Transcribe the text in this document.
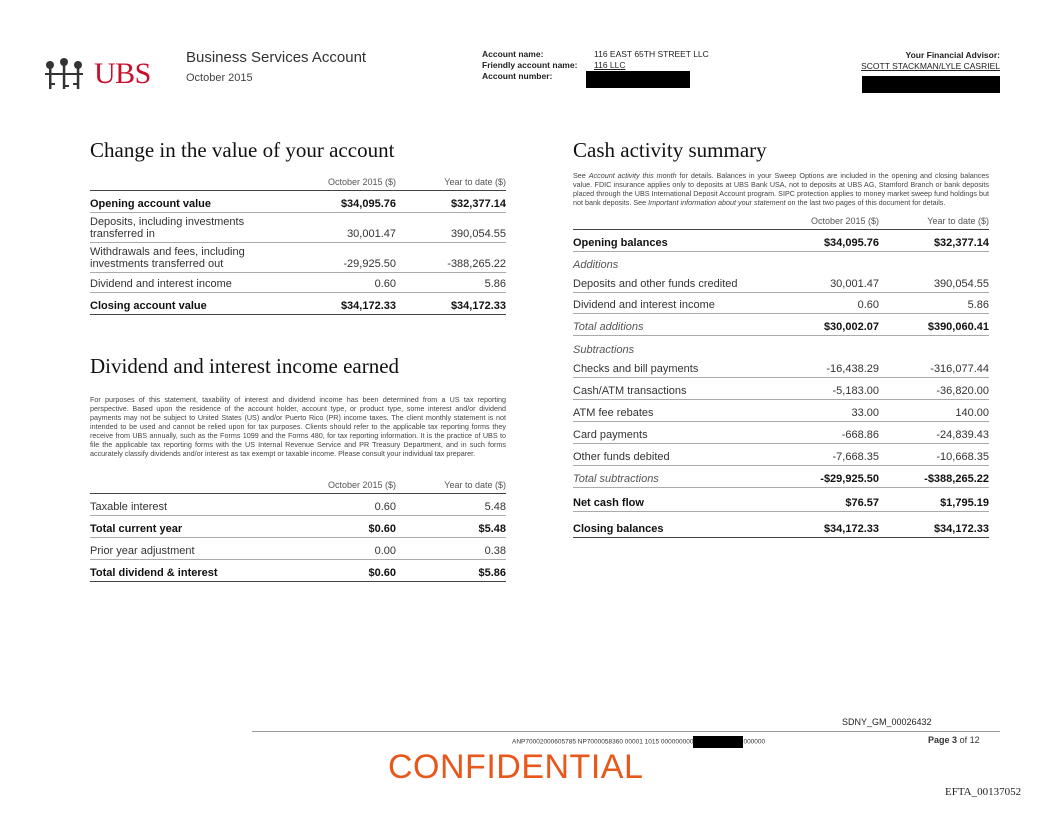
UBS Business Services Account
October 2015
Account name:	116 EAST 65TH STREET LLC
Friendly account name: 116 LLC
Account number:
Your Financial Advisor:
SCOTT STACKMAN/LYLE CASRIEL
Change in the value of your account
	October 2015 ($)	Year to date ($)
Opening account value	$34,095.76	$32,377.14
Deposits, including investments transferred in	30,001.47	390,054.55
Withdrawals and fees, including investments transferred out	-29,925.50	-388,265.22
Dividend and interest income	0.60	5.86
Closing account value	$34,172.33	$34,172.33
Dividend and interest income earned

For purposes of this statement, taxability of interest and dividend income has been determined from a US tax reporting perspective. Based upon the residence of the account holder, account type, or product type, some interest and/or dividend payments may not be subject to United States (US) and/or Puerto Rico (PR) income taxes. The client monthly statement is not intended to be used and cannot be relied upon for tax purposes. Clients should refer to the applicable tax reporting forms they receive from UBS annually, such as the Forms 1099 and the Forms 480, for tax reporting information. It is the practice of UBS to file the applicable tax reporting forms with the US Internal Revenue Service and PR Treasury Department, and in such forms accurately classify dividends and/or interest as tax exempt or taxable income. Please consult your individual tax preparer.

	October 2015 ($)	Year to date ($)
Taxable interest	0.60	5.48
Total current year	$0.60	$5.48
Prior year adjustment	0.00	0.38
Total dividend & interest	$0.60	$5.86
Cash activity summary

See Account activity this month for details. Balances in your Sweep Options are included in the opening and closing balances value. FDIC insurance applies only to deposits at UBS Bank USA, not to deposits at UBS AG, Stamford Branch or bank deposits placed through the UBS International Deposit Account program. SIPC protection applies to money market sweep fund holdings but not bank deposits. See Important information about your statement on the last two pages of this document for details.

	October 2015 ($)	Year to date ($)
Opening balances	$34,095.76	$32,377.14
Additions		
Deposits and other funds credited	30,001.47	390,054.55
Dividend and interest income	0.60	5.86
Total additions	$30,002.07	$390,060.41
Subtractions		
Checks and bill payments	-16,438.29	-316,077.44
Cash/ATM transactions	-5,183.00	-36,820.00
ATM fee rebates	33.00	140.00
Card payments	-668.86	-24,839.43
Other funds debited	-7,668.35	-10,668.35
Total subtractions	-$29,925.50	-$388,265.22
Net cash flow	$76.57	$1,795.19
Closing balances	$34,172.33	$34,172.33
SDNY_GM_00026432
ANP70002000605785 NP7000058360 00001 1015 000000000	000000	Page 3 of 12
CONFIDENTIAL
EFTA_00137052
